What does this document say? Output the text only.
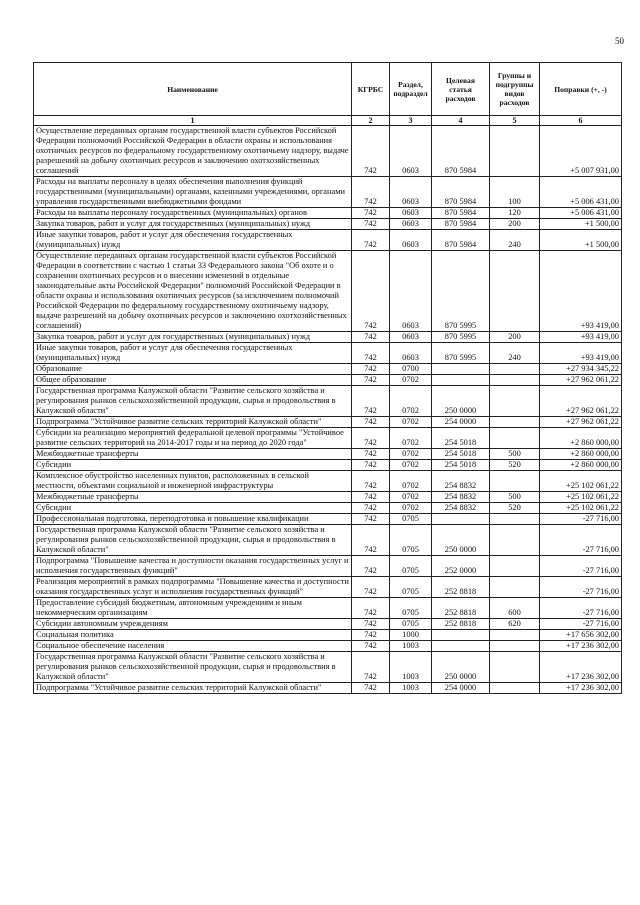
50
Наименование	КГРБС	Раздел, подраздел	Целевая статья расходов	Группы и подгруппы видов расходов	Поправки (+, -)
1	2	3	4	5	6
Осуществление переданных органам государственной власти субъектов Российской Федерации полномочий Российской Федерации в области охраны и использования охотничьих ресурсов по федеральному государственному охотничьему надзору, выдаче разрешений на добычу охотничьих ресурсов и заключению охотхозяйственных соглашений	742	0603	870 5984		+5 007 931,00
Расходы на выплаты персоналу в целях обеспечения выполнения функций государственными (муниципальными) органами, казенными учреждениями, органами управления государственными внебюджетными фондами	742	0603	870 5984	100	+5 006 431,00
Расходы на выплаты персоналу государственных (муниципальных) органов	742	0603	870 5984	120	+5 006 431,00
Закупка товаров, работ и услуг для государственных (муниципальных) нужд	742	0603	870 5984	200	+1 500,00
Иные закупки товаров, работ и услуг для обеспечения государственных (муниципальных) нужд	742	0603	870 5984	240	+1 500,00
Осуществление переданных органам государственной власти субъектов Российской Федерации в соответствии с частью 1 статьи 33 Федерального закона "Об охоте и о сохранении охотничьих ресурсов и о внесении изменений в отдельные законодательные акты Российской Федерации" полномочий Российской Федерации в области охраны и использования охотничьих ресурсов (за исключением полномочий Российской Федерации по федеральному государственному охотничьему надзору, выдаче разрешений на добычу охотничьих ресурсов и заключению охотхозяйственных соглашений)	742	0603	870 5995		+93 419,00
Закупка товаров, работ и услуг для государственных (муниципальных) нужд	742	0603	870 5995	200	+93 419,00
Иные закупки товаров, работ и услуг для обеспечения государственных (муниципальных) нужд	742	0603	870 5995	240	+93 419,00
Образование	742	0700			+27 934 345,22
Общее образование	742	0702			+27 962 061,22
Государственная программа Калужской области "Развитие сельского хозяйства и регулирования рынков сельскохозяйственной продукции, сырья и продовольствия в Калужской области"	742	0702	250 0000		+27 962 061,22
Подпрограмма "Устойчивое развитие сельских территорий Калужской области"	742	0702	254 0000		+27 962 061,22
Субсидии на реализацию мероприятий федеральной целевой программы "Устойчивое развитие сельских территорий на 2014-2017 годы и на период до 2020 года"	742	0702	254 5018		+2 860 000,00
Межбюджетные трансферты	742	0702	254 5018	500	+2 860 000,00
Субсидии	742	0702	254 5018	520	+2 860 000,00
Комплексное обустройство населенных пунктов, расположенных в сельской местности, объектами социальной и инженерной инфраструктуры	742	0702	254 8832		+25 102 061,22
Межбюджетные трансферты	742	0702	254 8832	500	+25 102 061,22
Субсидии	742	0702	254 8832	520	+25 102 061,22
Профессиональная подготовка, переподготовка и повышение квалификации	742	0705			-27 716,00
Государственная программа Калужской области "Развитие сельского хозяйства и регулирования рынков сельскохозяйственной продукции, сырья и продовольствия в Калужской области"	742	0705	250 0000		-27 716,00
Подпрограмма "Повышение качества и доступности оказания государственных услуг и исполнения государственных функций"	742	0705	252 0000		-27 716,00
Реализация мероприятий в рамках подпрограммы "Повышение качества и доступности оказания государственных услуг и исполнения государственных функций"	742	0705	252 8818		-27 716,00
Предоставление субсидий бюджетным, автономным учреждениям и иным некоммерческим организациям	742	0705	252 8818	600	-27 716,00
Субсидии автономным учреждениям	742	0705	252 8818	620	-27 716,00
Социальная политика	742	1000			+17 656 302,00
Социальное обеспечение населения	742	1003			+17 236 302,00
Государственная программа Калужской области "Развитие сельского хозяйства и регулирования рынков сельскохозяйственной продукции, сырья и продовольствия в Калужской области"	742	1003	250 0000		+17 236 302,00
Подпрограмма "Устойчивое развитие сельских территорий Калужской области"	742	1003	254 0000		+17 236 302,00
